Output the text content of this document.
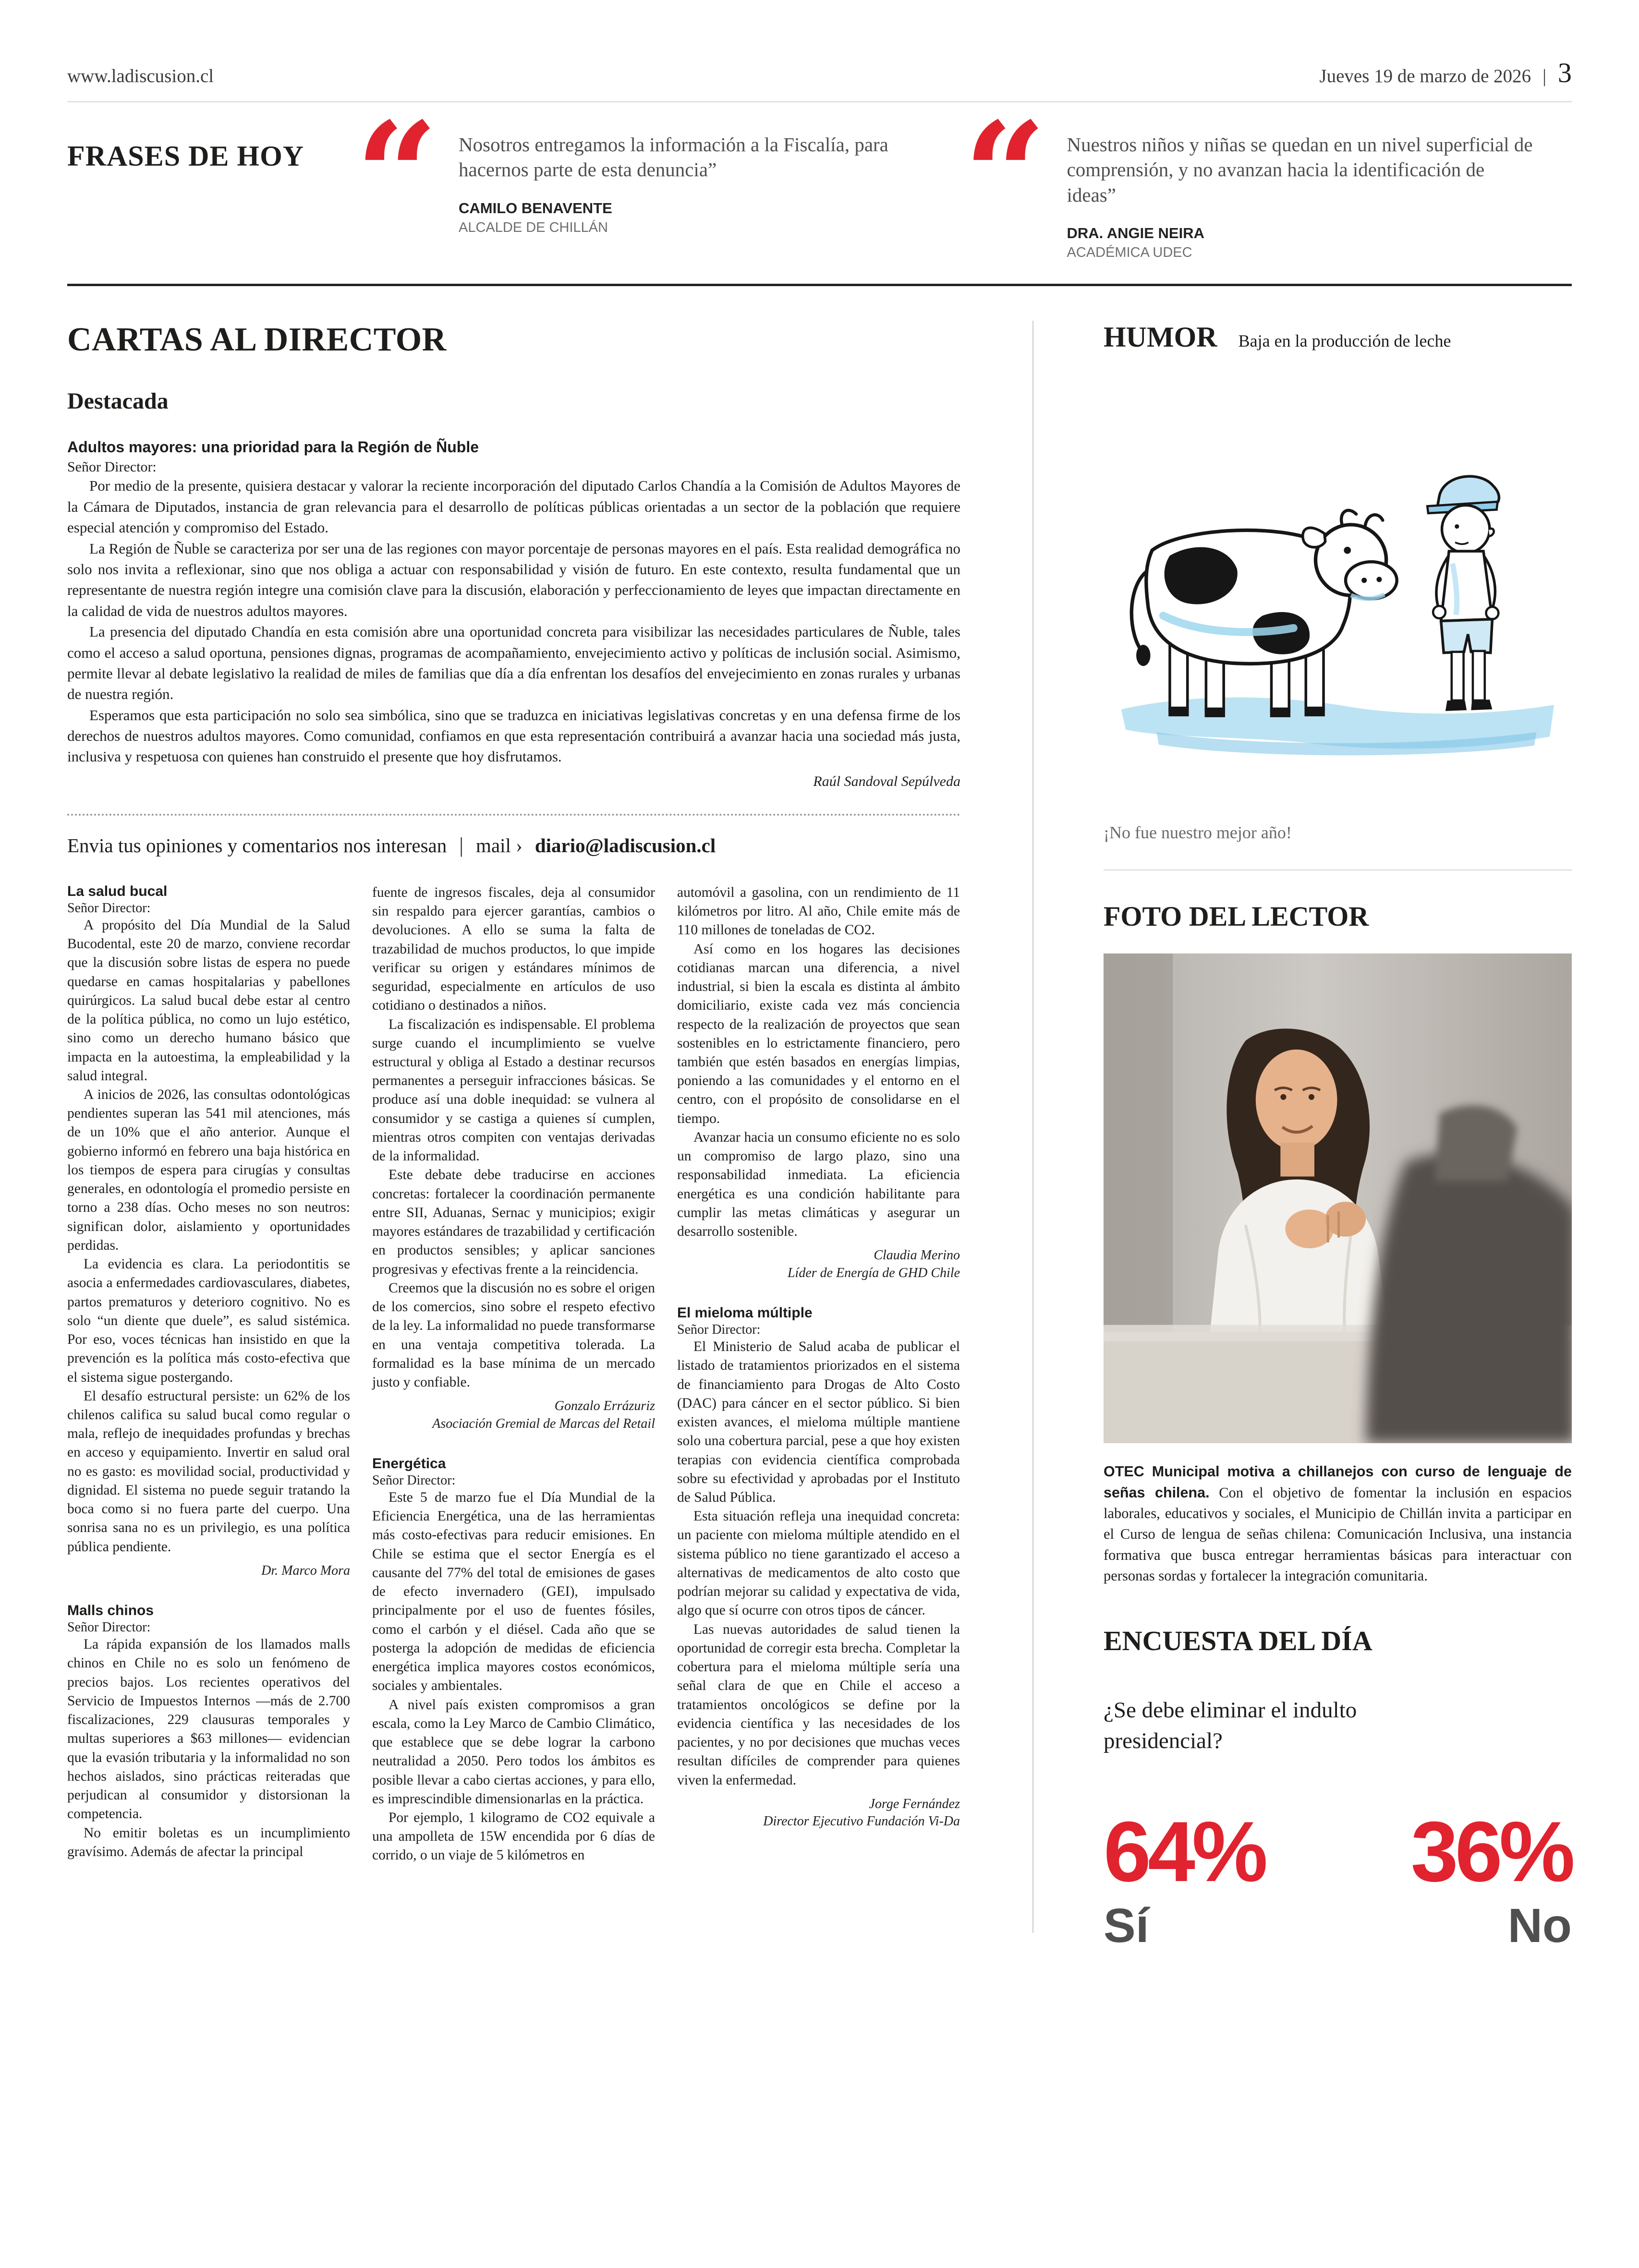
www.ladiscusion.cl	Jueves 19 de marzo de 2026 | 3
FRASES DE HOY “	Nosotros entregamos la información a la Fiscalía, para hacernos parte de esta denuncia”

CAMILO BENAVENTE
ALCALDE DE CHILLÁN	“	Nuestros niños y niñas se quedan en un nivel superficial de comprensión, y no avanzan hacia la identificación de ideas”

DRA. ANGIE NEIRA
ACADÉMICA UDEC
CARTAS AL DIRECTOR
Destacada
Adultos mayores: una prioridad para la Región de Ñuble

Señor Director:

Por medio de la presente, quisiera destacar y valorar la reciente incorporación del diputado Carlos Chandía a la Comisión de Adultos Mayores de la Cámara de Diputados, instancia de gran relevancia para el desarrollo de políticas públicas orientadas a un sector de la población que requiere especial atención y compromiso del Estado.

La Región de Ñuble se caracteriza por ser una de las regiones con mayor porcentaje de personas mayores en el país. Esta realidad demográfica no solo nos invita a reflexionar, sino que nos obliga a actuar con responsabilidad y visión de futuro. En este contexto, resulta fundamental que un representante de nuestra región integre una comisión clave para la discusión, elaboración y perfeccionamiento de leyes que impactan directamente en la calidad de vida de nuestros adultos mayores.

La presencia del diputado Chandía en esta comisión abre una oportunidad concreta para visibilizar las necesidades particulares de Ñuble, tales como el acceso a salud oportuna, pensiones dignas, programas de acompañamiento, envejecimiento activo y políticas de inclusión social. Asimismo, permite llevar al debate legislativo la realidad de miles de familias que día a día enfrentan los desafíos del envejecimiento en zonas rurales y urbanas de nuestra región.

Esperamos que esta participación no solo sea simbólica, sino que se traduzca en iniciativas legislativas concretas y en una defensa firme de los derechos de nuestros adultos mayores. Como comunidad, confiamos en que esta representación contribuirá a avanzar hacia una sociedad más justa, inclusiva y respetuosa con quienes han construido el presente que hoy disfrutamos.

Raúl Sandoval Sepúlveda

Envia tus opiniones y comentarios nos interesan | mail › diario@ladiscusion.cl
La salud bucal

Señor Director:

A propósito del Día Mundial de la Salud Bucodental, este 20 de marzo, conviene recordar que la discusión sobre listas de espera no puede quedarse en camas hospitalarias y pabellones quirúrgicos. La salud bucal debe estar al centro de la política pública, no como un lujo estético, sino como un derecho humano básico que impacta en la autoestima, la empleabilidad y la salud integral.

A inicios de 2026, las consultas odontológicas pendientes superan las 541 mil atenciones, más de un 10% que el año anterior. Aunque el gobierno informó en febrero una baja histórica en los tiempos de espera para cirugías y consultas generales, en odontología el promedio persiste en torno a 238 días. Ocho meses no son neutros: significan dolor, aislamiento y oportunidades perdidas.

La evidencia es clara. La periodontitis se asocia a enfermedades cardiovasculares, diabetes, partos prematuros y deterioro cognitivo. No es solo “un diente que duele”, es salud sistémica. Por eso, voces técnicas han insistido en que la prevención es la política más costo-efectiva que el sistema sigue postergando.

El desafío estructural persiste: un 62% de los chilenos califica su salud bucal como regular o mala, reflejo de inequidades profundas y brechas en acceso y equipamiento. Invertir en salud oral no es gasto: es movilidad social, productividad y dignidad. El sistema no puede seguir tratando la boca como si no fuera parte del cuerpo. Una sonrisa sana no es un privilegio, es una política pública pendiente.

Dr. Marco Mora

Malls chinos

Señor Director:

La rápida expansión de los llamados malls chinos en Chile no es solo un fenómeno de precios bajos. Los recientes operativos del Servicio de Impuestos Internos —más de 2.700 fiscalizaciones, 229 clausuras temporales y multas superiores a $63 millones— evidencian que la evasión tributaria y la informalidad no son hechos aislados, sino prácticas reiteradas que perjudican al consumidor y distorsionan la competencia.

No emitir boletas es un incumplimiento gravísimo. Además de afectar la principal

fuente de ingresos fiscales, deja al consumidor sin respaldo para ejercer garantías, cambios o devoluciones. A ello se suma la falta de trazabilidad de muchos productos, lo que impide verificar su origen y estándares mínimos de seguridad, especialmente en artículos de uso cotidiano o destinados a niños.

La fiscalización es indispensable. El problema surge cuando el incumplimiento se vuelve estructural y obliga al Estado a destinar recursos permanentes a perseguir infracciones básicas. Se produce así una doble inequidad: se vulnera al consumidor y se castiga a quienes sí cumplen, mientras otros compiten con ventajas derivadas de la informalidad.

Este debate debe traducirse en acciones concretas: fortalecer la coordinación permanente entre SII, Aduanas, Sernac y municipios; exigir mayores estándares de trazabilidad y certificación en productos sensibles; y aplicar sanciones progresivas y efectivas frente a la reincidencia.

Creemos que la discusión no es sobre el origen de los comercios, sino sobre el respeto efectivo de la ley. La informalidad no puede transformarse en una ventaja competitiva tolerada. La formalidad es la base mínima de un mercado justo y confiable.

Gonzalo Errázuriz

Asociación Gremial de Marcas del Retail

Energética

Señor Director:

Este 5 de marzo fue el Día Mundial de la Eficiencia Energética, una de las herramientas más costo-efectivas para reducir emisiones. En Chile se estima que el sector Energía es el causante del 77% del total de emisiones de gases de efecto invernadero (GEI), impulsado principalmente por el uso de fuentes fósiles, como el carbón y el diésel. Cada año que se posterga la adopción de medidas de eficiencia energética implica mayores costos económicos, sociales y ambientales.

A nivel país existen compromisos a gran escala, como la Ley Marco de Cambio Climático, que establece que se debe lograr la carbono neutralidad a 2050. Pero todos los ámbitos es posible llevar a cabo ciertas acciones, y para ello, es imprescindible dimensionarlas en la práctica.

Por ejemplo, 1 kilogramo de CO2 equivale a una ampolleta de 15W encendida por 6 días de corrido, o un viaje de 5 kilómetros en

automóvil a gasolina, con un rendimiento de 11 kilómetros por litro. Al año, Chile emite más de 110 millones de toneladas de CO2.

Así como en los hogares las decisiones cotidianas marcan una diferencia, a nivel industrial, si bien la escala es distinta al ámbito domiciliario, existe cada vez más conciencia respecto de la realización de proyectos que sean sostenibles en lo estrictamente financiero, pero también que estén basados en energías limpias, poniendo a las comunidades y el entorno en el centro, con el propósito de consolidarse en el tiempo.

Avanzar hacia un consumo eficiente no es solo un compromiso de largo plazo, sino una responsabilidad inmediata. La eficiencia energética es una condición habilitante para cumplir las metas climáticas y asegurar un desarrollo sostenible.

Claudia Merino

Líder de Energía de GHD Chile

El mieloma múltiple

Señor Director:

El Ministerio de Salud acaba de publicar el listado de tratamientos priorizados en el sistema de financiamiento para Drogas de Alto Costo (DAC) para cáncer en el sector público. Si bien existen avances, el mieloma múltiple mantiene solo una cobertura parcial, pese a que hoy existen terapias con evidencia científica comprobada sobre su efectividad y aprobadas por el Instituto de Salud Pública.

Esta situación refleja una inequidad concreta: un paciente con mieloma múltiple atendido en el sistema público no tiene garantizado el acceso a alternativas de medicamentos de alto costo que podrían mejorar su calidad y expectativa de vida, algo que sí ocurre con otros tipos de cáncer.

Las nuevas autoridades de salud tienen la oportunidad de corregir esta brecha. Completar la cobertura para el mieloma múltiple sería una señal clara de que en Chile el acceso a tratamientos oncológicos se define por la evidencia científica y las necesidades de los pacientes, y no por decisiones que muchas veces resultan difíciles de comprender para quienes viven la enfermedad.

Jorge Fernández

Director Ejecutivo Fundación Vi-Da

HUMOR Baja en la producción de leche

¡No fue nuestro mejor año!

FOTO DEL LECTOR

OTEC Municipal motiva a chillanejos con curso de lenguaje de señas chilena. Con el objetivo de fomentar la inclusión en espacios laborales, educativos y sociales, el Municipio de Chillán invita a participar en el Curso de lengua de señas chilena: Comunicación Inclusiva, una instancia formativa que busca entregar herramientas básicas para interactuar con personas sordas y fortalecer la integración comunitaria.

ENCUESTA DEL DÍA

¿Se debe eliminar el indulto presidencial?

64%
Sí
36%
No
